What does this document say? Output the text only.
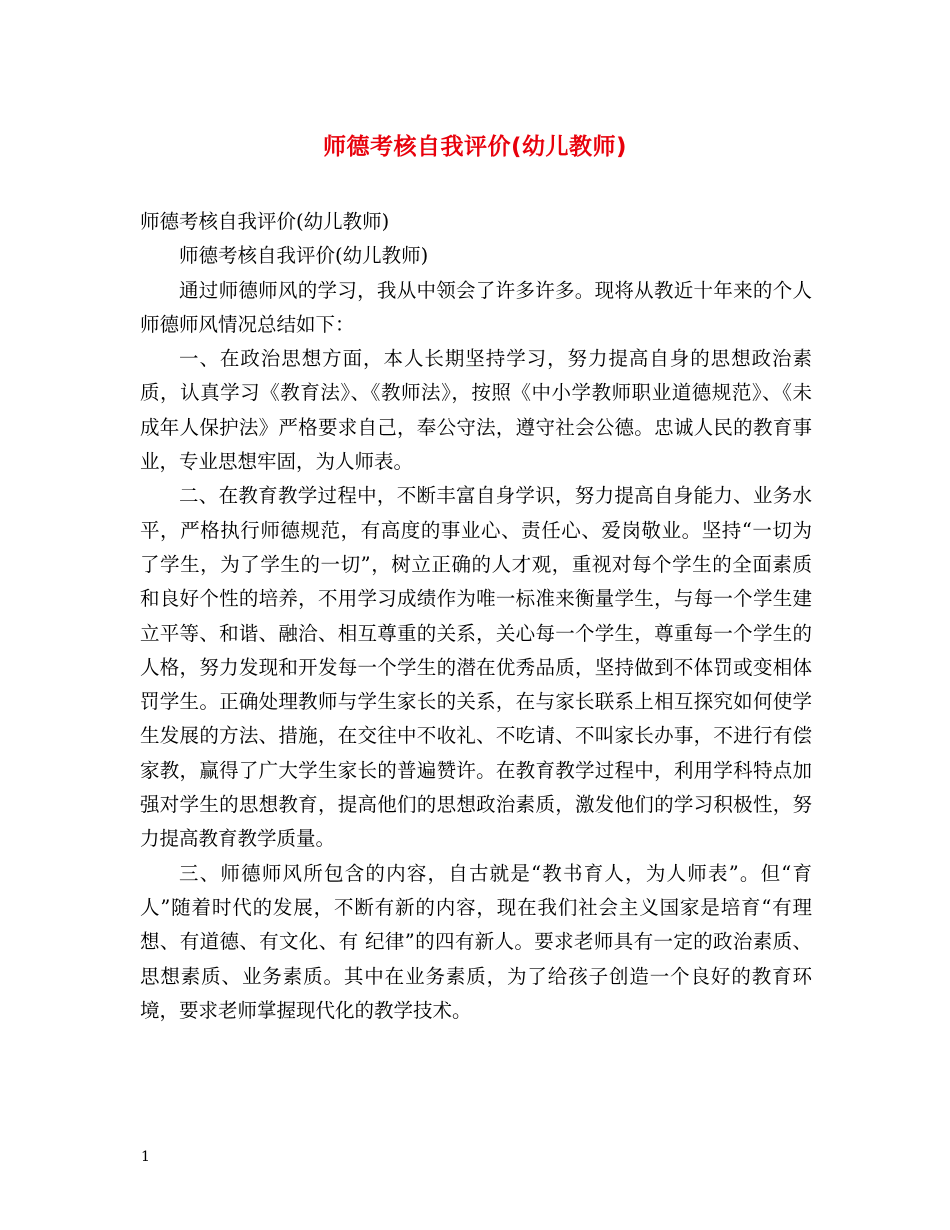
师德考核自我评价(幼儿教师)

师德考核自我评价(幼儿教师)

师德考核自我评价(幼儿教师)

通过师德师风的学习，我从中领会了许多许多。现将从教近十年来的个人师德师风情况总结如下：

一、在政治思想方面，本人长期坚持学习，努力提高自身的思想政治素质，认真学习《教育法》、《教师法》，按照《中小学教师职业道德规范》、《未成年人保护法》严格要求自己，奉公守法，遵守社会公德。忠诚人民的教育事业，专业思想牢固，为人师表。

二、在教育教学过程中，不断丰富自身学识，努力提高自身能力、业务水平，严格执行师德规范，有高度的事业心、责任心、爱岗敬业。坚持“一切为了学生，为了学生的一切”，树立正确的人才观，重视对每个学生的全面素质和良好个性的培养，不用学习成绩作为唯一标准来衡量学生，与每一个学生建立平等、和谐、融洽、相互尊重的关系，关心每一个学生，尊重每一个学生的人格，努力发现和开发每一个学生的潜在优秀品质，坚持做到不体罚或变相体罚学生。正确处理教师与学生家长的关系，在与家长联系上相互探究如何使学生发展的方法、措施，在交往中不收礼、不吃请、不叫家长办事，不进行有偿家教，赢得了广大学生家长的普遍赞许。在教育教学过程中，利用学科特点加强对学生的思想教育，提高他们的思想政治素质，激发他们的学习积极性，努力提高教育教学质量。

三、师德师风所包含的内容，自古就是“教书育人，为人师表”。但“育人”随着时代的发展，不断有新的内容，现在我们社会主义国家是培育“有理想、有道德、有文化、有 纪律”的四有新人。要求老师具有一定的政治素质、思想素质、业务素质。其中在业务素质，为了给孩子创造一个良好的教育环境，要求老师掌握现代化的教学技术。

1
